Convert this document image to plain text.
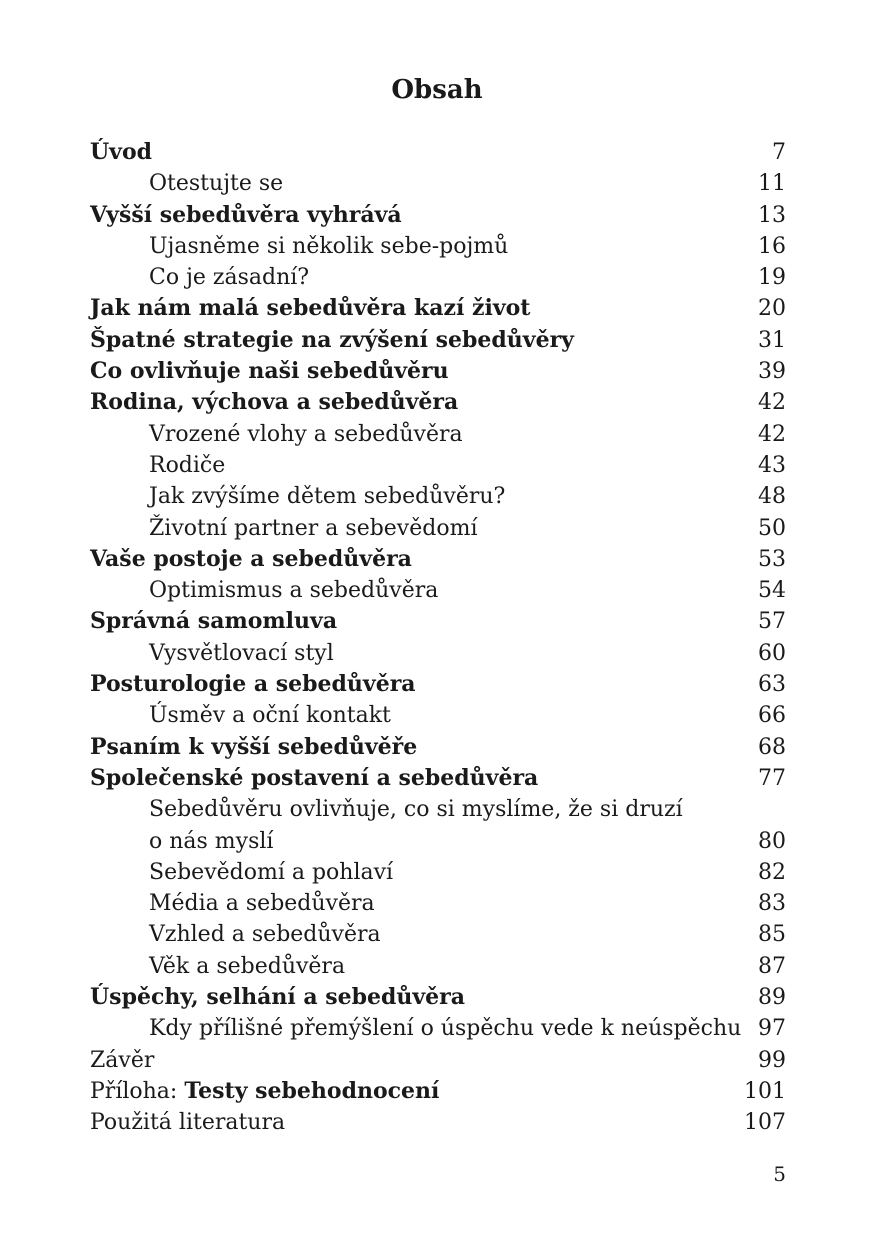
Obsah
Úvod	7
Otestujte se	11
Vyšší sebedůvěra vyhrává	13
Ujasněme si několik sebe-pojmů	16
Co je zásadní?	19
Jak nám malá sebedůvěra kazí život	20
Špatné strategie na zvýšení sebedůvěry	31
Co ovlivňuje naši sebedůvěru	39
Rodina, výchova a sebedůvěra	42
Vrozené vlohy a sebedůvěra	42
Rodiče	43
Jak zvýšíme dětem sebedůvěru?	48
Životní partner a sebevědomí	50
Vaše postoje a sebedůvěra	53
Optimismus a sebedůvěra	54
Správná samomluva	57
Vysvětlovací styl	60
Posturologie a sebedůvěra	63
Úsměv a oční kontakt	66
Psaním k vyšší sebedůvěře	68
Společenské postavení a sebedůvěra	77
Sebedůvěru ovlivňuje, co si myslíme, že si druzí
o nás myslí	80
Sebevědomí a pohlaví	82
Média a sebedůvěra	83
Vzhled a sebedůvěra	85
Věk a sebedůvěra	87
Úspěchy, selhání a sebedůvěra	89
Kdy přílišné přemýšlení o úspěchu vede k neúspěchu 97
Závěr	99
Příloha: Testy sebehodnocení	101
Použitá literatura	107
5
